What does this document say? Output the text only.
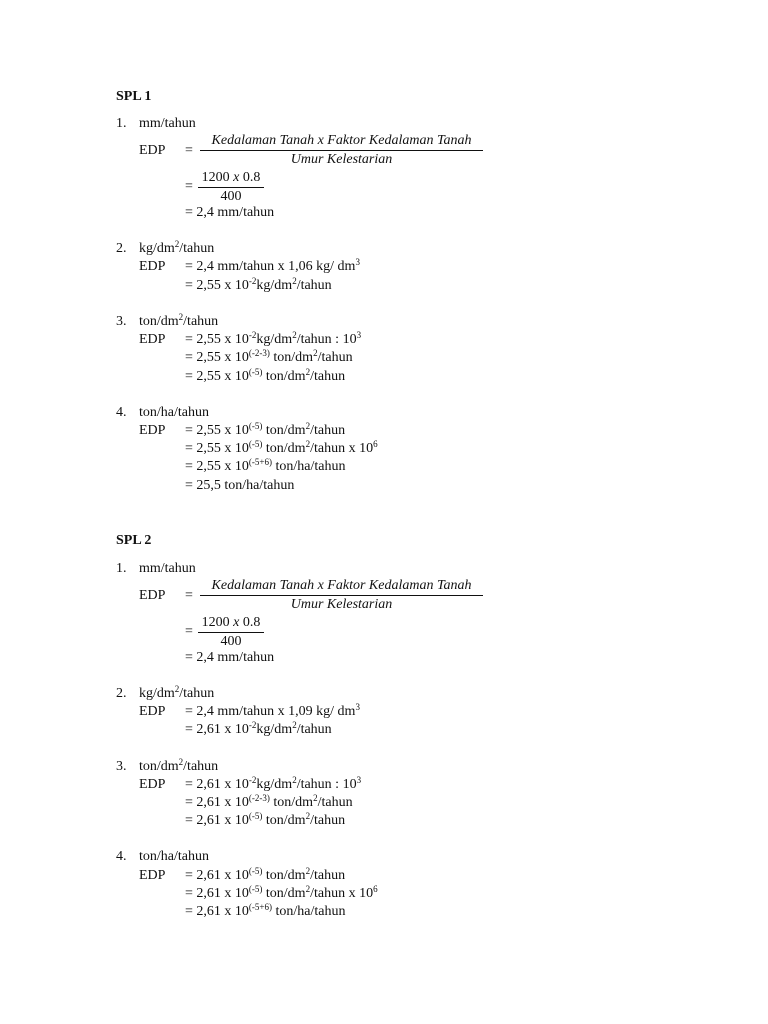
SPL 1
1. mm/tahun
EDP =
Kedalaman Tanah x Faktor Kedalaman Tanah
Umur Kelestarian
=
1200 x 0.8
400
= 2,4 mm/tahun
2. $kg/dm^2$/tahun
EDP = 2,4 mm/tahun x 1,06 kg/ $dm^3$
= 2,55 x $10^{-2}kg/dm^2$/tahun
3. ton/$dm^2$/tahun
EDP = 2,55 x $10^{-2}kg/dm^2$/tahun : $10^3$
= 2,55 x $10^{(-2-3)}$ ton/$dm^2$/tahun
= 2,55 x $10^{(-5)}$ ton/$dm^2$/tahun
4. ton/ha/tahun
EDP = 2,55 x $10^{(-5)}$ ton/$dm^2$/tahun
= 2,55 x $10^{(-5)}$ ton/$dm^2$/tahun x $10^6$
= 2,55 x $10^{(-5+6)}$ ton/ha/tahun
= 25,5 ton/ha/tahun
SPL 2
1. mm/tahun
EDP =
Kedalaman Tanah x Faktor Kedalaman Tanah
Umur Kelestarian
=
1200 x 0.8
400
= 2,4 mm/tahun
2. $kg/dm^2$/tahun
EDP = 2,4 mm/tahun x 1,09 kg/ $dm^3$
= 2,61 x $10^{-2}kg/dm^2$/tahun
3. ton/$dm^2$/tahun
EDP = 2,61 x $10^{-2}kg/dm^2$/tahun : $10^3$
= 2,61 x $10^{(-2-3)}$ ton/$dm^2$/tahun
= 2,61 x $10^{(-5)}$ ton/$dm^2$/tahun
4. ton/ha/tahun
EDP = 2,61 x $10^{(-5)}$ ton/$dm^2$/tahun
= 2,61 x $10^{(-5)}$ ton/$dm^2$/tahun x $10^6$
= 2,61 x $10^{(-5+6)}$ ton/ha/tahun
